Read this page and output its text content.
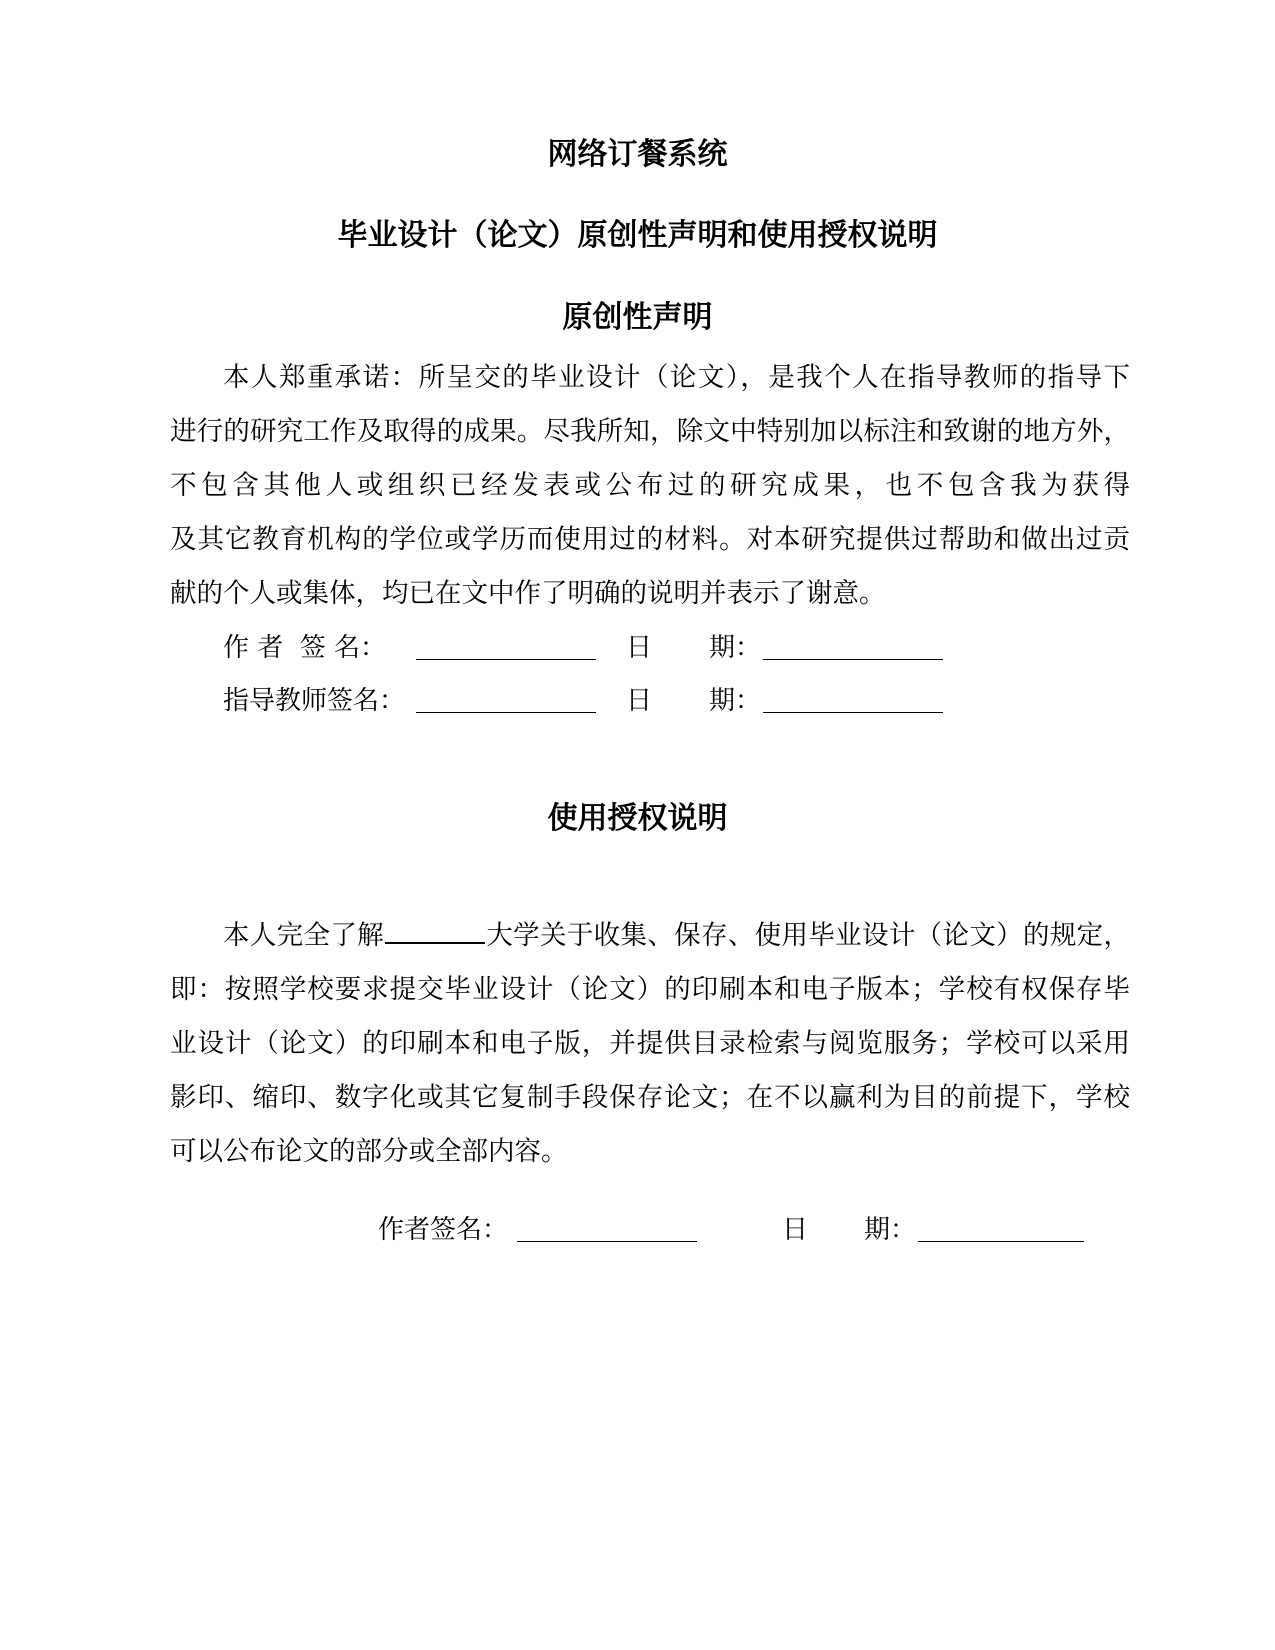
网络订餐系统
毕业设计（论文）原创性声明和使用授权说明
原创性声明
本人郑重承诺：所呈交的毕业设计（论文），是我个人在指导教师的指导下
进行的研究工作及取得的成果。尽我所知，除文中特别加以标注和致谢的地方外，
不包含其他人或组织已经发表或公布过的研究成果，也不包含我为获得
及其它教育机构的学位或学历而使用过的材料。对本研究提供过帮助和做出过贡
献的个人或集体，均已在文中作了明确的说明并表示了谢意。
作 者  签 名：	日 期：
指导教师签名：	日 期：
使用授权说明
本人完全了解	大学关于收集、保存、使用毕业设计（论文）的规定，
即：按照学校要求提交毕业设计（论文）的印刷本和电子版本；学校有权保存毕
业设计（论文）的印刷本和电子版，并提供目录检索与阅览服务；学校可以采用
影印、缩印、数字化或其它复制手段保存论文；在不以赢利为目的前提下，学校
可以公布论文的部分或全部内容。
作者签名：	日 期：
